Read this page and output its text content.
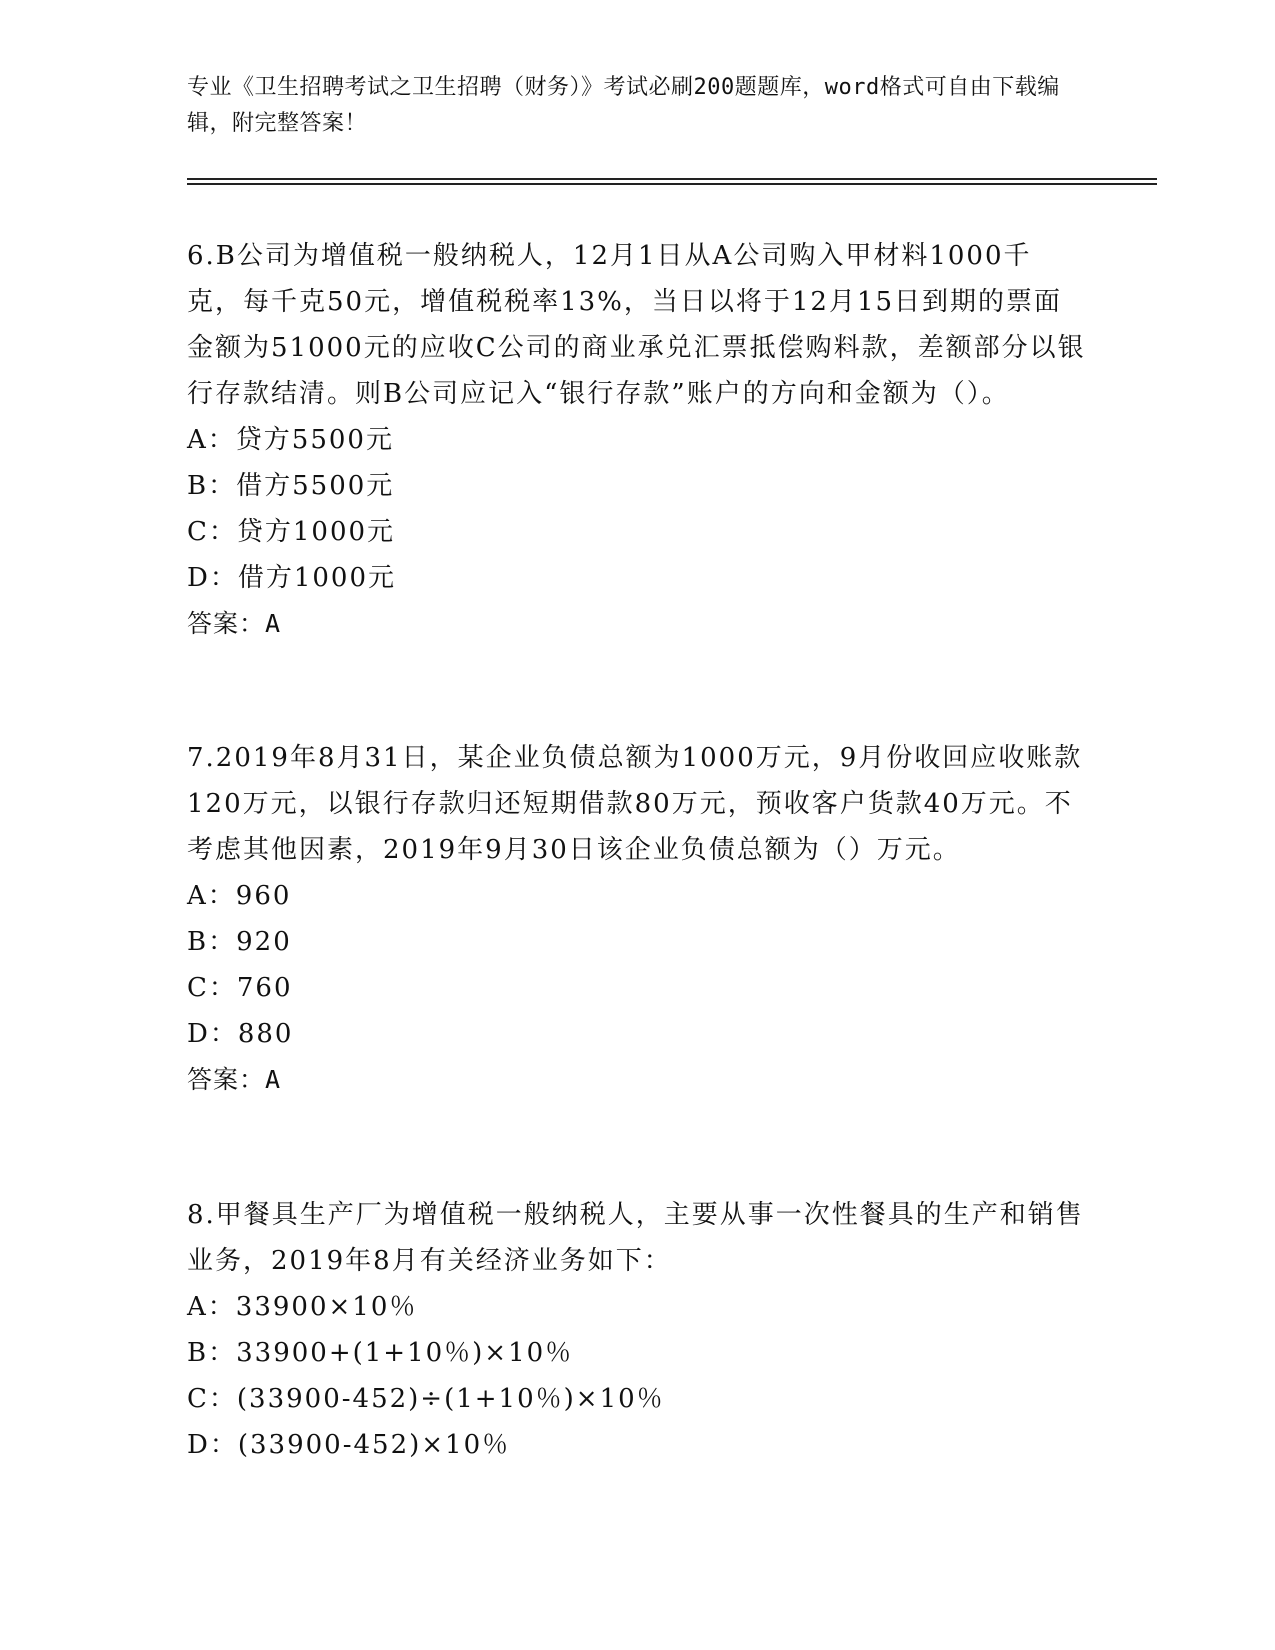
专业《卫生招聘考试之卫生招聘（财务）》考试必刷200题题库，word格式可自由下载编辑，附完整答案！

6.B公司为增值税一般纳税人，12月1日从A公司购入甲材料1000千克，每千克50元，增值税税率13%，当日以将于12月15日到期的票面金额为51000元的应收C公司的商业承兑汇票抵偿购料款，差额部分以银行存款结清。则B公司应记入“银行存款”账户的方向和金额为（）。

A：贷方5500元

B：借方5500元

C：贷方1000元

D：借方1000元

答案：A

7.2019年8月31日，某企业负债总额为1000万元，9月份收回应收账款120万元，以银行存款归还短期借款80万元，预收客户货款40万元。不考虑其他因素，2019年9月30日该企业负债总额为（）万元。

A：960

B：920

C：760

D：880

答案：A

8.甲餐具生产厂为增值税一般纳税人，主要从事一次性餐具的生产和销售业务，2019年8月有关经济业务如下：

A：33900×10％

B：33900+(1+10％)×10％

C：(33900-452)÷(1+10％)×10％

D：(33900-452)×10％
